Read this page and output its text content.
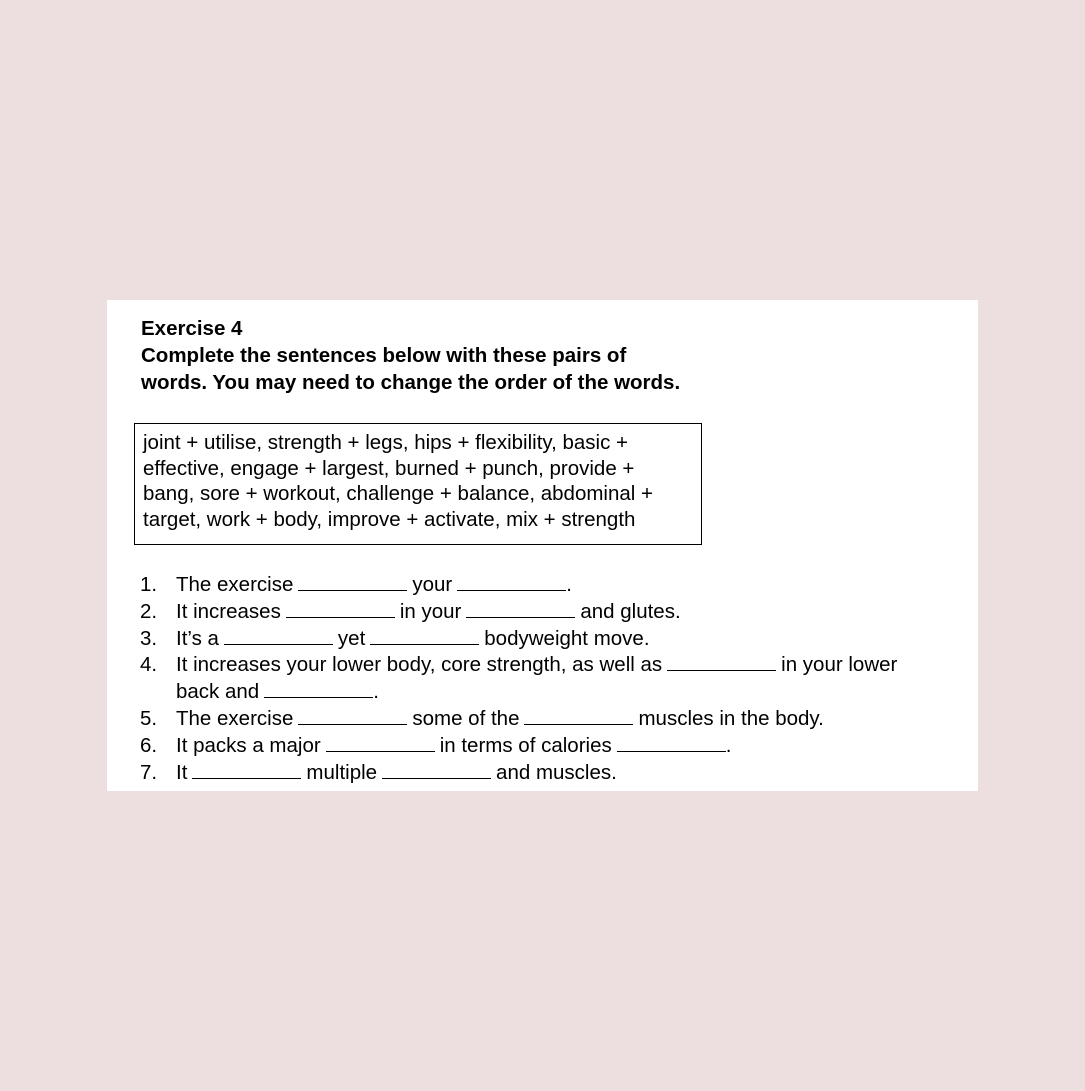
Exercise 4
Complete the sentences below with these pairs of
words. You may need to change the order of the words.
joint + utilise, strength + legs, hips + flexibility, basic +
effective, engage + largest, burned + punch, provide +
bang, sore + workout, challenge + balance, abdominal +
target, work + body, improve + activate, mix + strength
1. The exercise	your	.
2. It increases	in your	and glutes.
3. It’s a	yet	bodyweight move.
4. It increases your lower body, core strength, as well as	in your lower
back and	.
5. The exercise	some of the	muscles in the body.
6. It packs a major	in terms of calories	.
7. It	multiple	and muscles.
